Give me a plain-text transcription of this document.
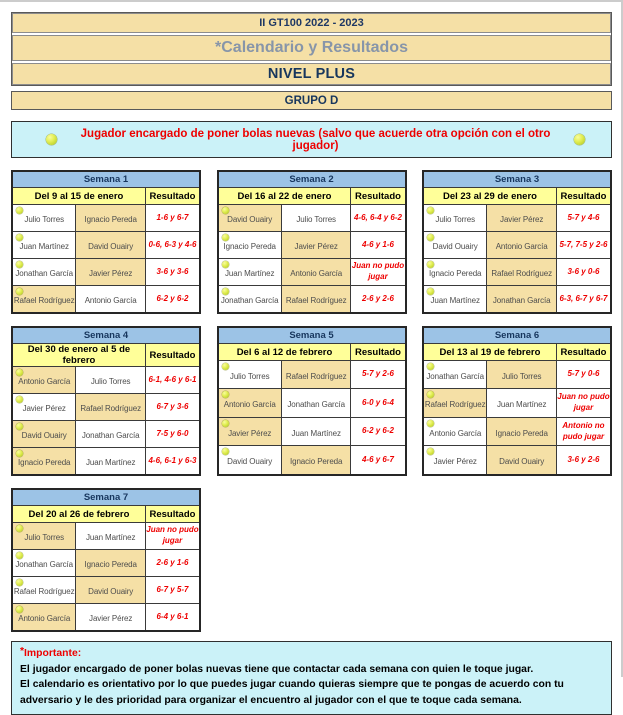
II GT100 2022 - 2023
*Calendario y Resultados
NIVEL PLUS
GRUPO D
Jugador encargado de poner bolas nuevas (salvo que acuerde otra opción con el otro jugador)
Semana 1		
Del 9 al 15 de enero		Resultado

Julio Torres	Ignacio Pereda	1-6 y 6-7

Juan Martínez	David Ouairy	0-6, 6-3 y 4-6

Jonathan García	Javier Pérez	3-6 y 3-6

Rafael Rodríguez	Antonio García	6-2 y 6-2
Semana 2		
Del 16 al 22 de enero		Resultado

David Ouairy	Julio Torres	4-6, 6-4 y 6-2

Ignacio Pereda	Javier Pérez	4-6 y 1-6

Juan Martínez	Antonio García	Juan no pudo jugar

Jonathan García	Rafael Rodríguez	2-6 y 2-6
Semana 3		
Del 23 al 29 de enero		Resultado

Julio Torres	Javier Pérez	5-7 y 4-6

David Ouairy	Antonio García	5-7, 7-5 y 2-6

Ignacio Pereda	Rafael Rodríguez	3-6 y 0-6

Juan Martínez	Jonathan García	6-3, 6-7 y 6-7
Semana 4		
Del 30 de enero al 5 de febrero		Resultado

Antonio García	Julio Torres	6-1, 4-6 y 6-1

Javier Pérez	Rafael Rodríguez	6-7 y 3-6

David Ouairy	Jonathan García	7-5 y 6-0

Ignacio Pereda	Juan Martínez	4-6, 6-1 y 6-3
Semana 5		
Del 6 al 12 de febrero		Resultado

Julio Torres	Rafael Rodríguez	5-7 y 2-6

Antonio García	Jonathan García	6-0 y 6-4

Javier Pérez	Juan Martínez	6-2 y 6-2

David Ouairy	Ignacio Pereda	4-6 y 6-7
Semana 6		
Del 13 al 19 de febrero		Resultado

Jonathan García	Julio Torres	5-7 y 0-6

Rafael Rodríguez	Juan Martínez	Juan no pudo jugar

Antonio García	Ignacio Pereda	Antonio no pudo jugar

Javier Pérez	David Ouairy	3-6 y 2-6
Semana 7		
Del 20 al 26 de febrero		Resultado

Julio Torres	Juan Martínez	Juan no pudo jugar

Jonathan García	Ignacio Pereda	2-6 y 1-6

Rafael Rodríguez	David Ouairy	6-7 y 5-7

Antonio García	Javier Pérez	6-4 y 6-1
*Importante:
El jugador encargado de poner bolas nuevas tiene que contactar cada semana con quien le toque jugar.
El calendario es orientativo por lo que puedes jugar cuando quieras siempre que te pongas de acuerdo con tu adversario y le des prioridad para organizar el encuentro al jugador con el que te toque cada semana.
